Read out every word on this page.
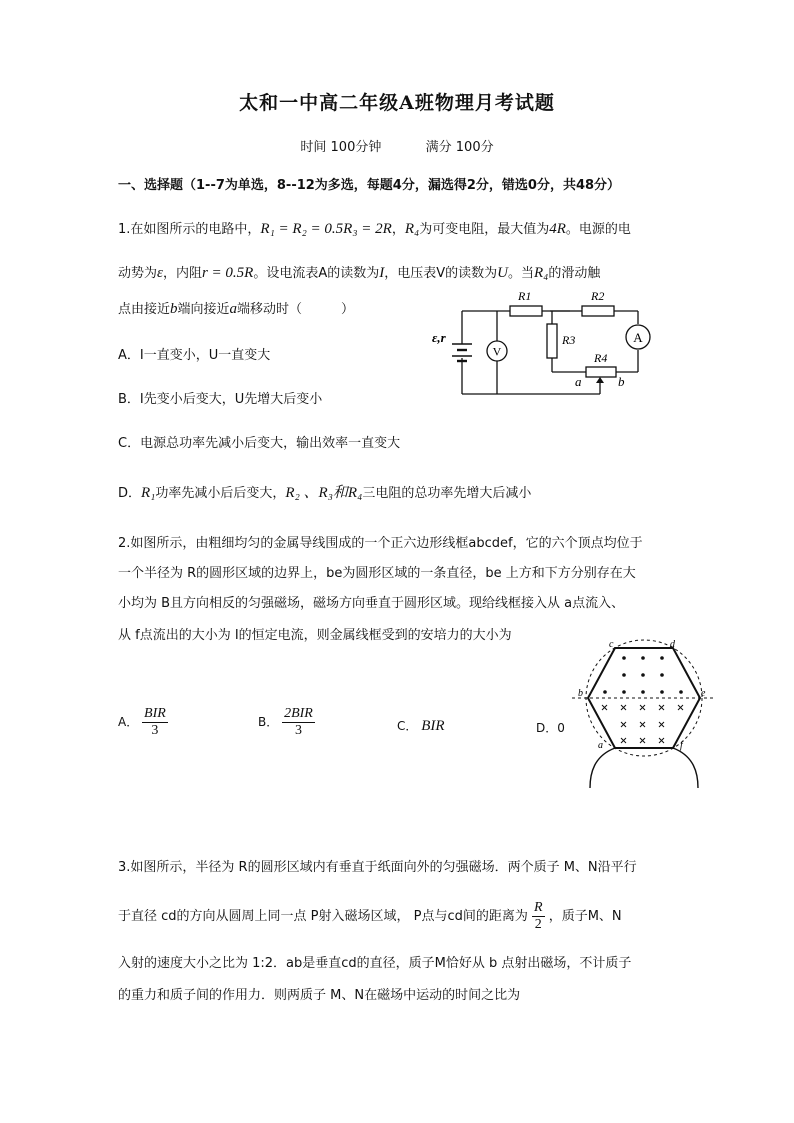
太和一中高二年级A班物理月考试题
时间 100分钟	满分 100分
一、选择题（1--7为单选，8--12为多选，每题4分，漏选得2分，错选0分，共48分）
1.在如图所示的电路中，R₁ = R₂ = 0.5R₃ = 2R，R₄为可变电阻，最大值为4R。电源的电
动势为ε，内阻r = 0.5R。设电流表A的读数为I，电压表V的读数为U。当R₄的滑动触
点由接近b端向接近a端移动时（　　　）
A．I一直变小，U一直变大
B．I先变小后变大，U先增大后变小
C．电源总功率先减小后变大，输出效率一直变大
D．R₁功率先减小后后变大，R₂ 、R₃和R₄三电阻的总功率先增大后减小
V
A
ε,r
R1	R2
R3
R4
a	b
2.如图所示，由粗细均匀的金属导线围成的一个正六边形线框abcdef，它的六个顶点均位于
一个半径为 R的圆形区域的边界上，be为圆形区域的一条直径，be 上方和下方分别存在大
小均为 B且方向相反的匀强磁场，磁场方向垂直于圆形区域。现给线框接入从 a点流入、
从 f点流出的大小为 I的恒定电流，则金属线框受到的安培力的大小为
A． $\frac{\text{BIR}}{3}$	B． $\frac{\text{2BIR}}{3}$	C． BIR	D．0
c	d
b	e
a	f
3.如图所示，半径为 R的圆形区域内有垂直于纸面向外的匀强磁场．两个质子 M、N沿平行
于直径 cd的方向从圆周上同一点 P射入磁场区域， P点与cd间的距离为 $\frac{R}{2}$ ，质子M、N
入射的速度大小之比为 1:2．ab是垂直cd的直径，质子M恰好从 b 点射出磁场，不计质子
的重力和质子间的作用力．则两质子 M、N在磁场中运动的时间之比为
